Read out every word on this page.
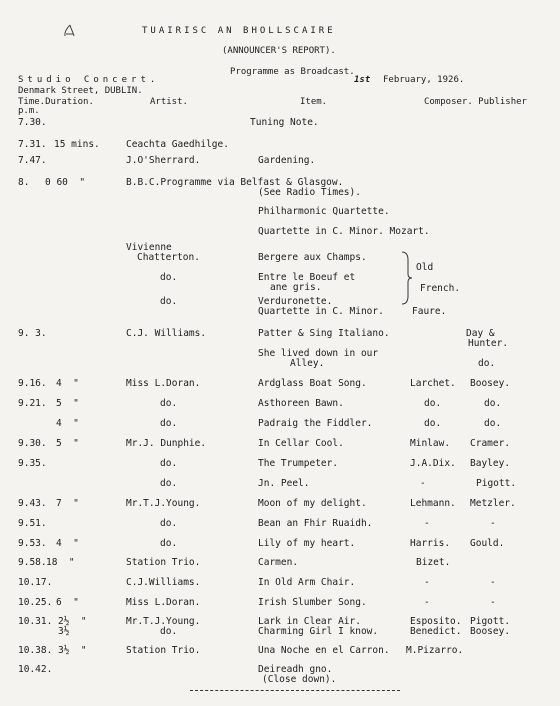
TUAIRISC AN BHOLLSCAIRE
(ANNOUNCER'S REPORT).
Programme as Broadcast.
Studio Concert.	1st February, 1926.
Denmark Street, DUBLIN.
Time.Duration.	Artist.	Item.	Composer. Publisher
p.m.
7.30.	Tuning Note.
7.31. 15 mins.	Ceachta Gaedhilge.
7.47.	J.O'Sherrard.	Gardening.
8. 0 60  "	B.B.C.Programme via Belfast & Glasgow.
(See Radio Times).
Philharmonic Quartette.
Quartette in C. Minor. Mozart.
Vivienne
Chatterton.	Bergere aux Champs.
do.	Entre le Boeuf et
ane gris.
do.	Verduronette.
Quartette in C. Minor.	Faure.
Old
French.
9. 3.	C.J. Williams.	Patter & Sing Italiano.	Day &
Hunter.
She lived down in our
Alley.	do.
9.16. 4  "	Miss L.Doran.	Ardglass Boat Song.	Larchet. Boosey.
9.21. 5  "	do.	Asthoreen Bawn.	do.	do.
4  "	do.	Padraig the Fiddler.	do.	do.
9.30. 5  "	Mr.J. Dunphie.	In Cellar Cool.	Minlaw. Cramer.
9.35.	do.	The Trumpeter.	J.A.Dix. Bayley.
do.	Jn. Peel.	-	Pigott.
9.43. 7  "	Mr.T.J.Young.	Moon of my delight.	Lehmann. Metzler.
9.51.	do.	Bean an Fhir Ruaidh.	-	-
9.53. 4  "	do.	Lily of my heart.	Harris. Gould.
9.58. 18  "	Station Trio.	Carmen.	Bizet.
10.17.	C.J.Williams.	In Old Arm Chair.	-	-
10.25. 6  "	Miss L.Doran.	Irish Slumber Song.	-	-
10.31. 2½  "	Mr.T.J.Young.	Lark in Clear Air.	Esposito. Pigott.
3½	do.	Charming Girl I know.	Benedict. Boosey.
10.38. 3½  "	Station Trio.	Una Noche en el Carron. M.Pizarro.
10.42.	Deireadh gno.
(Close down).
